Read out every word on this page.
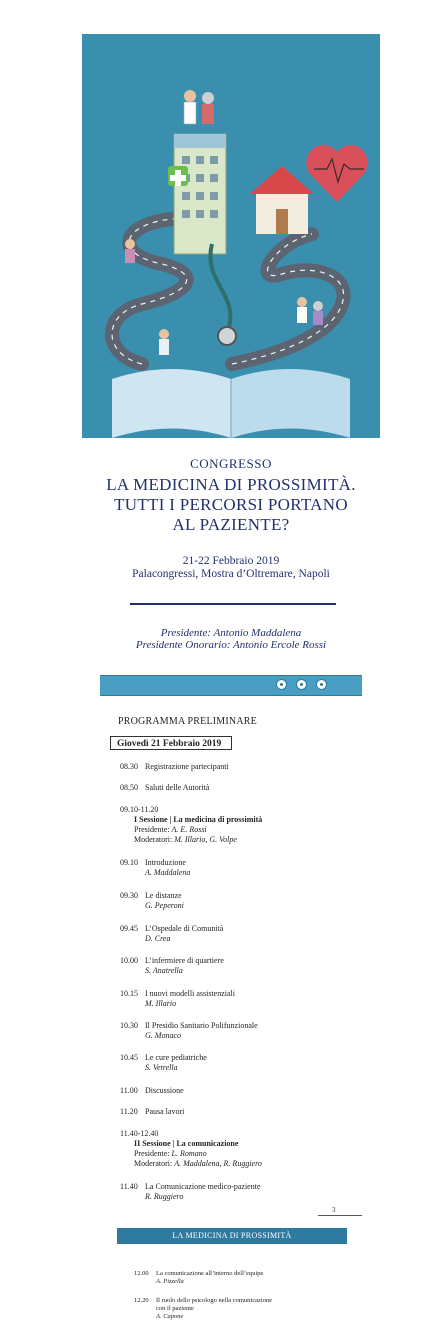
CONGRESSO
LA MEDICINA DI PROSSIMITÀ.
TUTTI I PERCORSI PORTANO
AL PAZIENTE?
21-22 Febbraio 2019
Palacongressi, Mostra d’Oltremare, Napoli
Presidente: Antonio Maddalena
Presidente Onorario: Antonio Ercole Rossi
PROGRAMMA PRELIMINARE
Giovedì 21 Febbraio 2019
08.30 Registrazione partecipanti
08.50 Saluti delle Autorità
09.10-11.20
I Sessione | La medicina di prossimità
Presidente: A. E. Rossi
Moderatori: M. Illario, G. Volpe
09.10 Introduzione
A. Maddalena
09.30 Le distanze
G. Peperoni
09.45 L’Ospedale di Comunità
D. Crea
10.00 L’infermiere di quartiere
S. Anatrella
10.15 I nuovi modelli assistenziali
M. Illario
10.30 Il Presidio Sanitario Polifunzionale
G. Monaco
10.45 Le cure pediatriche
S. Vetrella
11.00 Discussione
11.20 Pausa lavori
11.40-12.40
II Sessione | La comunicazione
Presidente: L. Romano
Moderatori: A. Maddalena, R. Ruggiero
11.40 La Comunicazione medico-paziente
R. Ruggiero
3
LA MEDICINA DI PROSSIMITÀ
12.00 La comunicazione all’interno dell’equipe
A. Pizzella
12.20 Il ruolo dello psicologo nella comunicazione
con il paziente
A. Capone
